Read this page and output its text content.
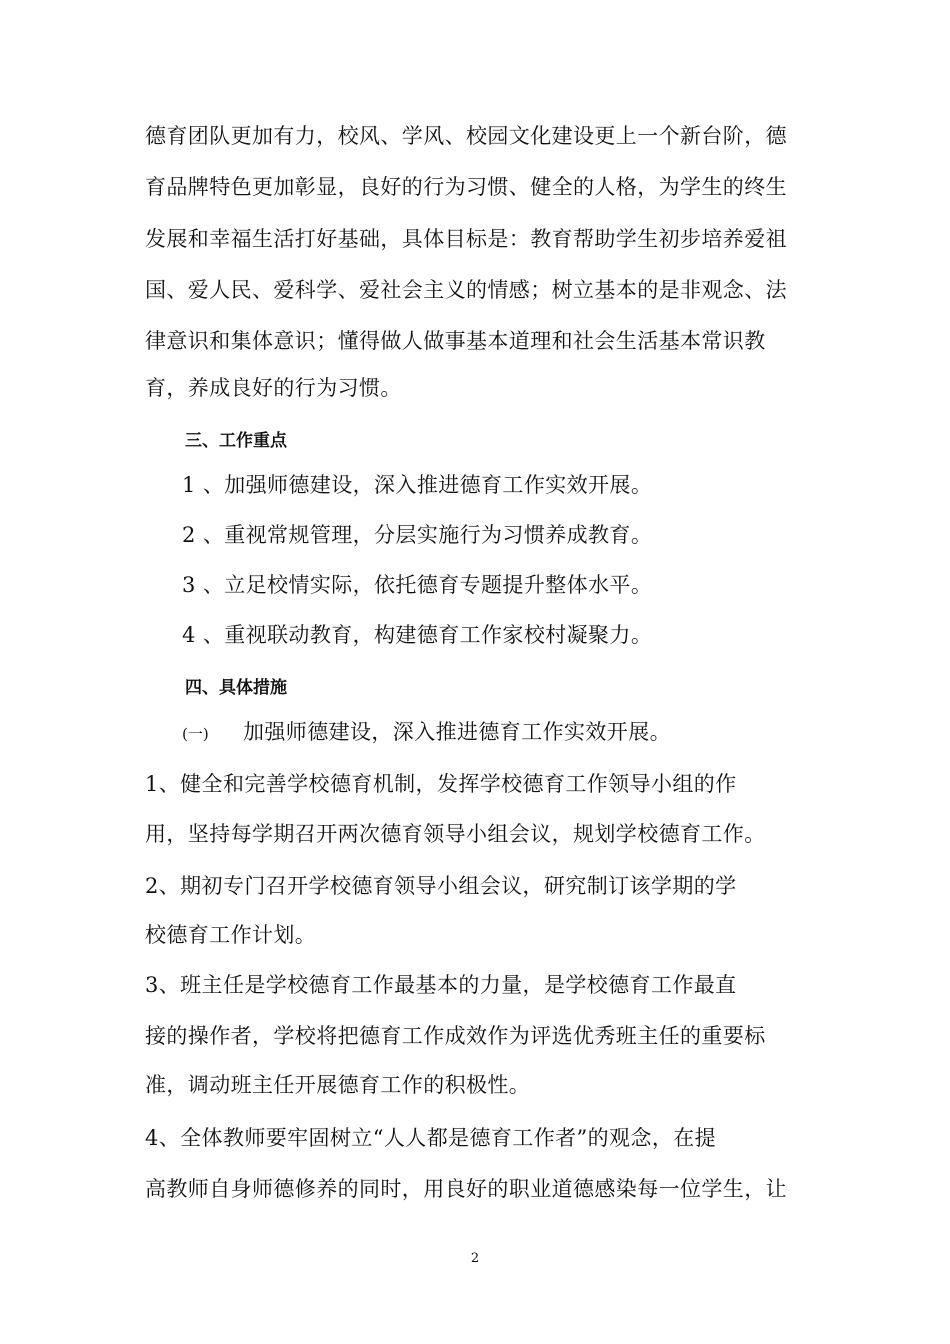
德育团队更加有力，校风、学风、校园文化建设更上一个新台阶，德
育品牌特色更加彰显，良好的行为习惯、健全的人格，为学生的终生
发展和幸福生活打好基础，具体目标是：教育帮助学生初步培养爱祖
国、爱人民、爱科学、爱社会主义的情感；树立基本的是非观念、法
律意识和集体意识；懂得做人做事基本道理和社会生活基本常识教
育，养成良好的行为习惯。
三、工作重点
1 、加强师德建设，深入推进德育工作实效开展。
2 、重视常规管理，分层实施行为习惯养成教育。
3 、立足校情实际，依托德育专题提升整体水平。
4 、重视联动教育，构建德育工作家校村凝聚力。
四、具体措施
(一) 加强师德建设，深入推进德育工作实效开展。
1、健全和完善学校德育机制，发挥学校德育工作领导小组的作
用，坚持每学期召开两次德育领导小组会议，规划学校德育工作。
2、期初专门召开学校德育领导小组会议，研究制订该学期的学
校德育工作计划。
3、班主任是学校德育工作最基本的力量，是学校德育工作最直
接的操作者，学校将把德育工作成效作为评选优秀班主任的重要标
准，调动班主任开展德育工作的积极性。
4、全体教师要牢固树立“人人都是德育工作者”的观念，在提
高教师自身师德修养的同时，用良好的职业道德感染每一位学生，让
2
